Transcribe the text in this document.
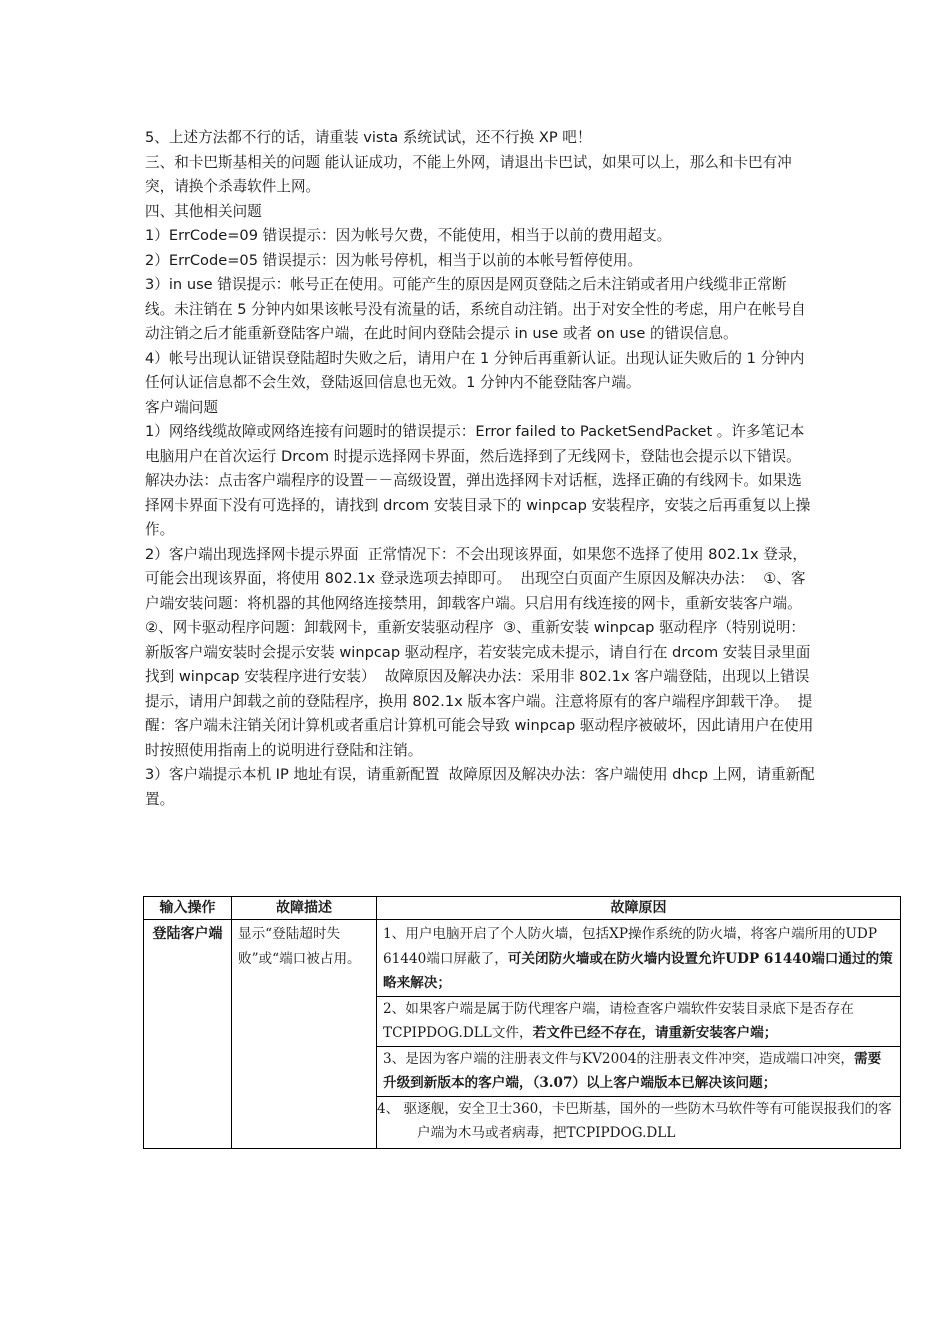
5、上述方法都不行的话，请重装 vista 系统试试，还不行换 XP 吧！

三、和卡巴斯基相关的问题 能认证成功，不能上外网，请退出卡巴试，如果可以上，那么和卡巴有冲突，请换个杀毒软件上网。

四、其他相关问题

1）ErrCode=09 错误提示：因为帐号欠费，不能使用，相当于以前的费用超支。

2）ErrCode=05 错误提示：因为帐号停机，相当于以前的本帐号暂停使用。

3）in use 错误提示：帐号正在使用。可能产生的原因是网页登陆之后未注销或者用户线缆非正常断线。未注销在 5 分钟内如果该帐号没有流量的话，系统自动注销。出于对安全性的考虑，用户在帐号自动注销之后才能重新登陆客户端，在此时间内登陆会提示 in use 或者 on use 的错误信息。

4）帐号出现认证错误登陆超时失败之后，请用户在 1 分钟后再重新认证。出现认证失败后的 1 分钟内任何认证信息都不会生效，登陆返回信息也无效。1 分钟内不能登陆客户端。

客户端问题

1）网络线缆故障或网络连接有问题时的错误提示：Error failed to PacketSendPacket 。许多笔记本电脑用户在首次运行 Drcom 时提示选择网卡界面，然后选择到了无线网卡，登陆也会提示以下错误。  解决办法：点击客户端程序的设置－－高级设置，弹出选择网卡对话框，选择正确的有线网卡。如果选择网卡界面下没有可选择的，请找到 drcom 安装目录下的 winpcap 安装程序，安装之后再重复以上操作。

2）客户端出现选择网卡提示界面  正常情况下：不会出现该界面，如果您不选择了使用 802.1x 登录，可能会出现该界面，将使用 802.1x 登录选项去掉即可。  出现空白页面产生原因及解决办法：  ①、客户端安装问题：将机器的其他网络连接禁用，卸载客户端。只启用有线连接的网卡，重新安装客户端。  ②、网卡驱动程序问题：卸载网卡，重新安装驱动程序  ③、重新安装 winpcap 驱动程序（特别说明：新版客户端安装时会提示安装 winpcap 驱动程序，若安装完成未提示，请自行在 drcom 安装目录里面找到 winpcap 安装程序进行安装）  故障原因及解决办法：采用非 802.1x 客户端登陆，出现以上错误提示，请用户卸载之前的登陆程序，换用 802.1x 版本客户端。注意将原有的客户端程序卸载干净。  提醒：客户端未注销关闭计算机或者重启计算机可能会导致 winpcap 驱动程序被破坏，因此请用户在使用时按照使用指南上的说明进行登陆和注销。

3）客户端提示本机 IP 地址有误，请重新配置  故障原因及解决办法：客户端使用 dhcp 上网，请重新配置。

输入操作	故障描述	故障原因
登陆客户端	显示“登陆超时失败”或“端口被占用。	1、用户电脑开启了个人防火墙，包括XP操作系统的防火墙，将客户端所用的UDP 61440端口屏蔽了，可关闭防火墙或在防火墙内设置允许UDP 61440端口通过的策略来解决；

2、如果客户端是属于防代理客户端，请检查客户端软件安装目录底下是否存在TCPIPDOG.DLL文件，若文件已经不存在，请重新安装客户端；

3、是因为客户端的注册表文件与KV2004的注册表文件冲突，造成端口冲突，需要升级到新版本的客户端，（3.07）以上客户端版本已解决该问题；

4、 驱逐舰，安全卫士360，卡巴斯基，国外的一些防木马软件等有可能误报我们的客户端为木马或者病毒，把TCPIPDOG.DLL
